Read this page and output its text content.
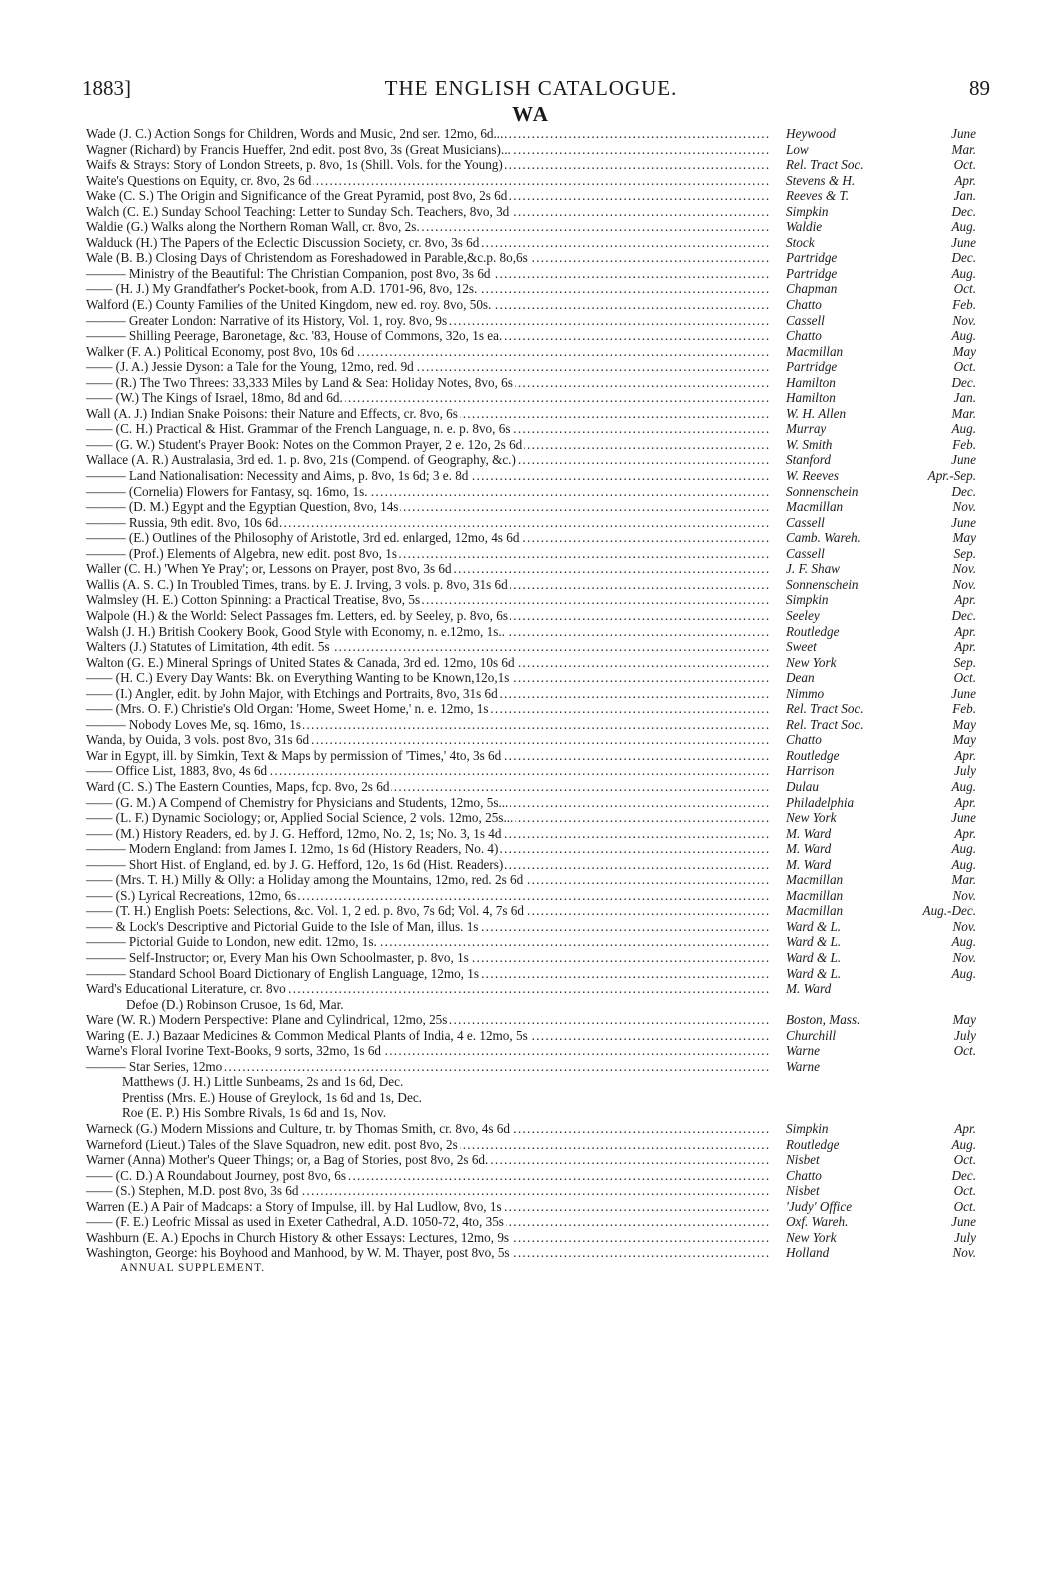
1883]	THE ENGLISH CATALOGUE.	89
WA
Wade (J. C.) Action Songs for Children, Words and Music, 2nd ser. 12mo, 6d... . . .	Heywood	June
Wagner (Richard) by Francis Hueffer, 2nd edit. post 8vo, 3s (Great Musicians)... . . .	Low	Mar.
Waifs & Strays: Story of London Streets, p. 8vo, 1s (Shill. Vols. for the Young) . . .	Rel. Tract Soc.	Oct.
Waite's Questions on Equity, cr. 8vo, 2s 6d . . .	Stevens & H.	Apr.
Wake (C. S.) The Origin and Significance of the Great Pyramid, post 8vo, 2s 6d . . .	Reeves & T.	Jan.
Walch (C. E.) Sunday School Teaching: Letter to Sunday Sch. Teachers, 8vo, 3d . . .	Simpkin	Dec.
Waldie (G.) Walks along the Northern Roman Wall, cr. 8vo, 2s. . . .	Waldie	Aug.
Walduck (H.) The Papers of the Eclectic Discussion Society, cr. 8vo, 3s 6d . . .	Stock	June
Wale (B. B.) Closing Days of Christendom as Foreshadowed in Parable,&c.p. 8o,6s . . .	Partridge	Dec.
——— Ministry of the Beautiful: The Christian Companion, post 8vo, 3s 6d . . .	Partridge	Aug.
—— (H. J.) My Grandfather's Pocket-book, from A.D. 1701-96, 8vo, 12s. . . .	Chapman	Oct.
Walford (E.) County Families of the United Kingdom, new ed. roy. 8vo, 50s. . . .	Chatto	Feb.
——— Greater London: Narrative of its History, Vol. 1, roy. 8vo, 9s . . .	Cassell	Nov.
——— Shilling Peerage, Baronetage, &c. '83, House of Commons, 32o, 1s ea. . . .	Chatto	Aug.
Walker (F. A.) Political Economy, post 8vo, 10s 6d . . .	Macmillan	May
—— (J. A.) Jessie Dyson: a Tale for the Young, 12mo, red. 9d . . .	Partridge	Oct.
—— (R.) The Two Threes: 33,333 Miles by Land & Sea: Holiday Notes, 8vo, 6s . . .	Hamilton	Dec.
—— (W.) The Kings of Israel, 18mo, 8d and 6d. . . .	Hamilton	Jan.
Wall (A. J.) Indian Snake Poisons: their Nature and Effects, cr. 8vo, 6s . . .	W. H. Allen	Mar.
—— (C. H.) Practical & Hist. Grammar of the French Language, n. e. p. 8vo, 6s . . .	Murray	Aug.
—— (G. W.) Student's Prayer Book: Notes on the Common Prayer, 2 e. 12o, 2s 6d . . .	W. Smith	Feb.
Wallace (A. R.) Australasia, 3rd ed. 1. p. 8vo, 21s (Compend. of Geography, &c.) . . .	Stanford	June
——— Land Nationalisation: Necessity and Aims, p. 8vo, 1s 6d; 3 e. 8d . . .	W. Reeves	Apr.-Sep.
——— (Cornelia) Flowers for Fantasy, sq. 16mo, 1s. . . .	Sonnenschein	Dec.
——— (D. M.) Egypt and the Egyptian Question, 8vo, 14s . . .	Macmillan	Nov.
——— Russia, 9th edit. 8vo, 10s 6d . . .	Cassell	June
——— (E.) Outlines of the Philosophy of Aristotle, 3rd ed. enlarged, 12mo, 4s 6d . . .	Camb. Wareh.	May
——— (Prof.) Elements of Algebra, new edit. post 8vo, 1s . . .	Cassell	Sep.
Waller (C. H.) 'When Ye Pray'; or, Lessons on Prayer, post 8vo, 3s 6d . . .	J. F. Shaw	Nov.
Wallis (A. S. C.) In Troubled Times, trans. by E. J. Irving, 3 vols. p. 8vo, 31s 6d . . .	Sonnenschein	Nov.
Walmsley (H. E.) Cotton Spinning: a Practical Treatise, 8vo, 5s . . .	Simpkin	Apr.
Walpole (H.) & the World: Select Passages fm. Letters, ed. by Seeley, p. 8vo, 6s . . .	Seeley	Dec.
Walsh (J. H.) British Cookery Book, Good Style with Economy, n. e.12mo, 1s.. . . .	Routledge	Apr.
Walters (J.) Statutes of Limitation, 4th edit. 5s . . .	Sweet	Apr.
Walton (G. E.) Mineral Springs of United States & Canada, 3rd ed. 12mo, 10s 6d . . .	New York	Sep.
—— (H. C.) Every Day Wants: Bk. on Everything Wanting to be Known,12o,1s . . .	Dean	Oct.
—— (I.) Angler, edit. by John Major, with Etchings and Portraits, 8vo, 31s 6d . . .	Nimmo	June
—— (Mrs. O. F.) Christie's Old Organ: 'Home, Sweet Home,' n. e. 12mo, 1s . . .	Rel. Tract Soc.	Feb.
——— Nobody Loves Me, sq. 16mo, 1s . . .	Rel. Tract Soc.	May
Wanda, by Ouida, 3 vols. post 8vo, 31s 6d . . .	Chatto	May
War in Egypt, ill. by Simkin, Text & Maps by permission of 'Times,' 4to, 3s 6d . . .	Routledge	Apr.
—— Office List, 1883, 8vo, 4s 6d . . .	Harrison	July
Ward (C. S.) The Eastern Counties, Maps, fcp. 8vo, 2s 6d . . .	Dulau	Aug.
—— (G. M.) A Compend of Chemistry for Physicians and Students, 12mo, 5s... . . .	Philadelphia	Apr.
—— (L. F.) Dynamic Sociology; or, Applied Social Science, 2 vols. 12mo, 25s... . . .	New York	June
—— (M.) History Readers, ed. by J. G. Hefford, 12mo, No. 2, 1s; No. 3, 1s 4d . . .	M. Ward	Apr.
——— Modern England: from James I. 12mo, 1s 6d (History Readers, No. 4) . . .	M. Ward	Aug.
——— Short Hist. of England, ed. by J. G. Hefford, 12o, 1s 6d (Hist. Readers) . . .	M. Ward	Aug.
—— (Mrs. T. H.) Milly & Olly: a Holiday among the Mountains, 12mo, red. 2s 6d . . .	Macmillan	Mar.
—— (S.) Lyrical Recreations, 12mo, 6s . . .	Macmillan	Nov.
—— (T. H.) English Poets: Selections, &c. Vol. 1, 2 ed. p. 8vo, 7s 6d; Vol. 4, 7s 6d . . .	Macmillan	Aug.-Dec.
—— & Lock's Descriptive and Pictorial Guide to the Isle of Man, illus. 1s . . .	Ward & L.	Nov.
——— Pictorial Guide to London, new edit. 12mo, 1s. . . .	Ward & L.	Aug.
——— Self-Instructor; or, Every Man his Own Schoolmaster, p. 8vo, 1s . . .	Ward & L.	Nov.
——— Standard School Board Dictionary of English Language, 12mo, 1s . . .	Ward & L.	Aug.
Ward's Educational Literature, cr. 8vo . . .	M. Ward
Defoe (D.) Robinson Crusoe, 1s 6d, Mar.
Ware (W. R.) Modern Perspective: Plane and Cylindrical, 12mo, 25s . . .	Boston, Mass.	May
Waring (E. J.) Bazaar Medicines & Common Medical Plants of India, 4 e. 12mo, 5s . . .	Churchill	July
Warne's Floral Ivorine Text-Books, 9 sorts, 32mo, 1s 6d . . .	Warne	Oct.
——— Star Series, 12mo . . .	Warne
Matthews (J. H.) Little Sunbeams, 2s and 1s 6d, Dec.
Prentiss (Mrs. E.) House of Greylock, 1s 6d and 1s, Dec.
Roe (E. P.) His Sombre Rivals, 1s 6d and 1s, Nov.
Warneck (G.) Modern Missions and Culture, tr. by Thomas Smith, cr. 8vo, 4s 6d . . .	Simpkin	Apr.
Warneford (Lieut.) Tales of the Slave Squadron, new edit. post 8vo, 2s . . .	Routledge	Aug.
Warner (Anna) Mother's Queer Things; or, a Bag of Stories, post 8vo, 2s 6d. . . .	Nisbet	Oct.
—— (C. D.) A Roundabout Journey, post 8vo, 6s . . .	Chatto	Dec.
—— (S.) Stephen, M.D. post 8vo, 3s 6d . . .	Nisbet	Oct.
Warren (E.) A Pair of Madcaps: a Story of Impulse, ill. by Hal Ludlow, 8vo, 1s . . .	'Judy' Office	Oct.
—— (F. E.) Leofric Missal as used in Exeter Cathedral, A.D. 1050-72, 4to, 35s . . .	Oxf. Wareh.	June
Washburn (E. A.) Epochs in Church History & other Essays: Lectures, 12mo, 9s . . .	New York	July
Washington, George: his Boyhood and Manhood, by W. M. Thayer, post 8vo, 5s . . .	Holland	Nov.
ANNUAL SUPPLEMENT.
